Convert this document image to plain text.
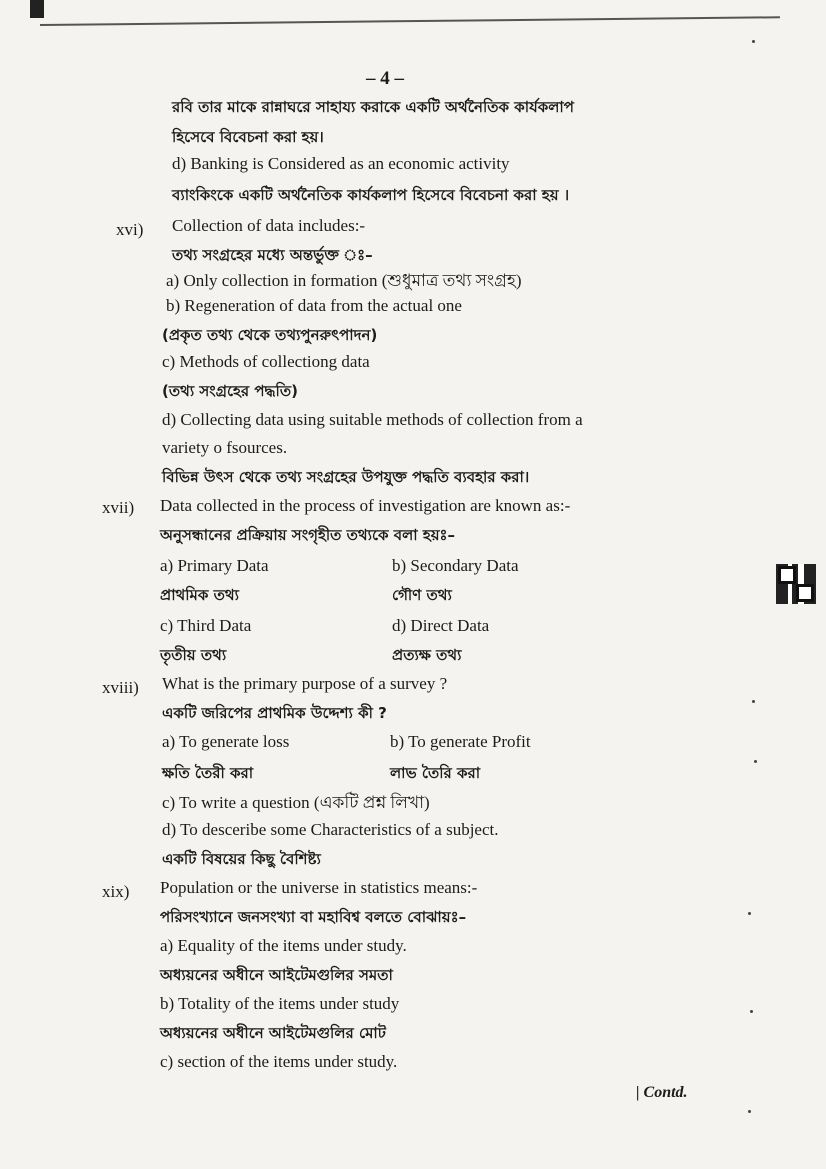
– 4 –
রবি তার মাকে রান্নাঘরে সাহায্য করাকে একটি অর্থনৈতিক কার্যকলাপ
হিসেবে বিবেচনা করা হয়।
d) Banking is Considered as an economic activity
ব্যাংকিংকে একটি অর্থনৈতিক কার্যকলাপ হিসেবে বিবেচনা করা হয় ।
xvi) Collection of data includes:-
তথ্য সংগ্রহের মধ্যে অন্তর্ভুক্ত ঃ–
a) Only collection in formation (শুধুমাত্র তথ্য সংগ্রহ)
b) Regeneration of data from the actual one
(প্রকৃত তথ্য থেকে তথ্যপুনরুৎপাদন)
c) Methods of collectiong data
(তথ্য সংগ্রহের পদ্ধতি)
d) Collecting data using suitable methods of collection from a
variety o fsources.
বিভিন্ন উৎস থেকে তথ্য সংগ্রহের উপযুক্ত পদ্ধতি ব্যবহার করা।
xvii) Data collected in the process of investigation are known as:-
অনুসন্ধানের প্রক্রিয়ায় সংগৃহীত তথ্যকে বলা হয়ঃ–
a) Primary Data	b) Secondary Data
প্রাথমিক তথ্য	গৌণ তথ্য
c) Third Data	d) Direct Data
তৃতীয় তথ্য	প্রত্যক্ষ তথ্য
xviii) What is the primary purpose of a survey ?
একটি জরিপের প্রাথমিক উদ্দেশ্য কী ?
a) To generate loss	b) To generate Profit
ক্ষতি তৈরী করা	লাভ তৈরি করা
c) To write a question (একটি প্রশ্ন লিখা)
d) To desceribe some Characteristics of a subject.
একটি বিষয়ের কিছু বৈশিষ্ট্য
xix) Population or the universe in statistics means:-
পরিসংখ্যানে জনসংখ্যা বা মহাবিশ্ব বলতে বোঝায়ঃ–
a) Equality of the items under study.
অধ্যয়নের অধীনে আইটেমগুলির সমতা
b) Totality of the items under study
অধ্যয়নের অধীনে আইটেমগুলির মোট
c) section of the items under study.
| Contd.
